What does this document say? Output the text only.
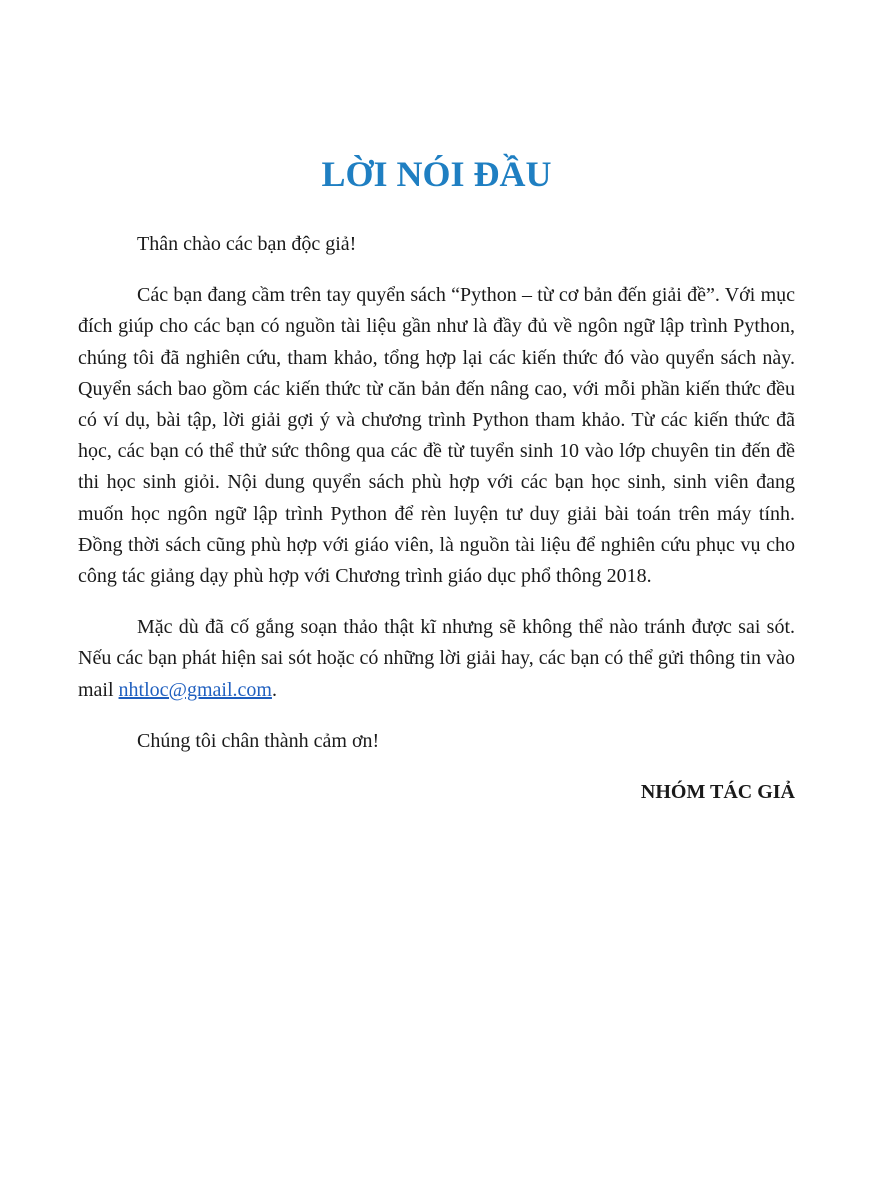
LỜI NÓI ĐẦU

Thân chào các bạn độc giả!

Các bạn đang cầm trên tay quyển sách “Python – từ cơ bản đến giải đề”. Với mục đích giúp cho các bạn có nguồn tài liệu gần như là đầy đủ về ngôn ngữ lập trình Python, chúng tôi đã nghiên cứu, tham khảo, tổng hợp lại các kiến thức đó vào quyển sách này. Quyển sách bao gồm các kiến thức từ căn bản đến nâng cao, với mỗi phần kiến thức đều có ví dụ, bài tập, lời giải gợi ý và chương trình Python tham khảo. Từ các kiến thức đã học, các bạn có thể thử sức thông qua các đề từ tuyển sinh 10 vào lớp chuyên tin đến đề thi học sinh giỏi. Nội dung quyển sách phù hợp với các bạn học sinh, sinh viên đang muốn học ngôn ngữ lập trình Python để rèn luyện tư duy giải bài toán trên máy tính. Đồng thời sách cũng phù hợp với giáo viên, là nguồn tài liệu để nghiên cứu phục vụ cho công tác giảng dạy phù hợp với Chương trình giáo dục phổ thông 2018.

Mặc dù đã cố gắng soạn thảo thật kĩ nhưng sẽ không thể nào tránh được sai sót. Nếu các bạn phát hiện sai sót hoặc có những lời giải hay, các bạn có thể gửi thông tin vào mail nhtloc@gmail.com.

Chúng tôi chân thành cảm ơn!

NHÓM TÁC GIẢ
